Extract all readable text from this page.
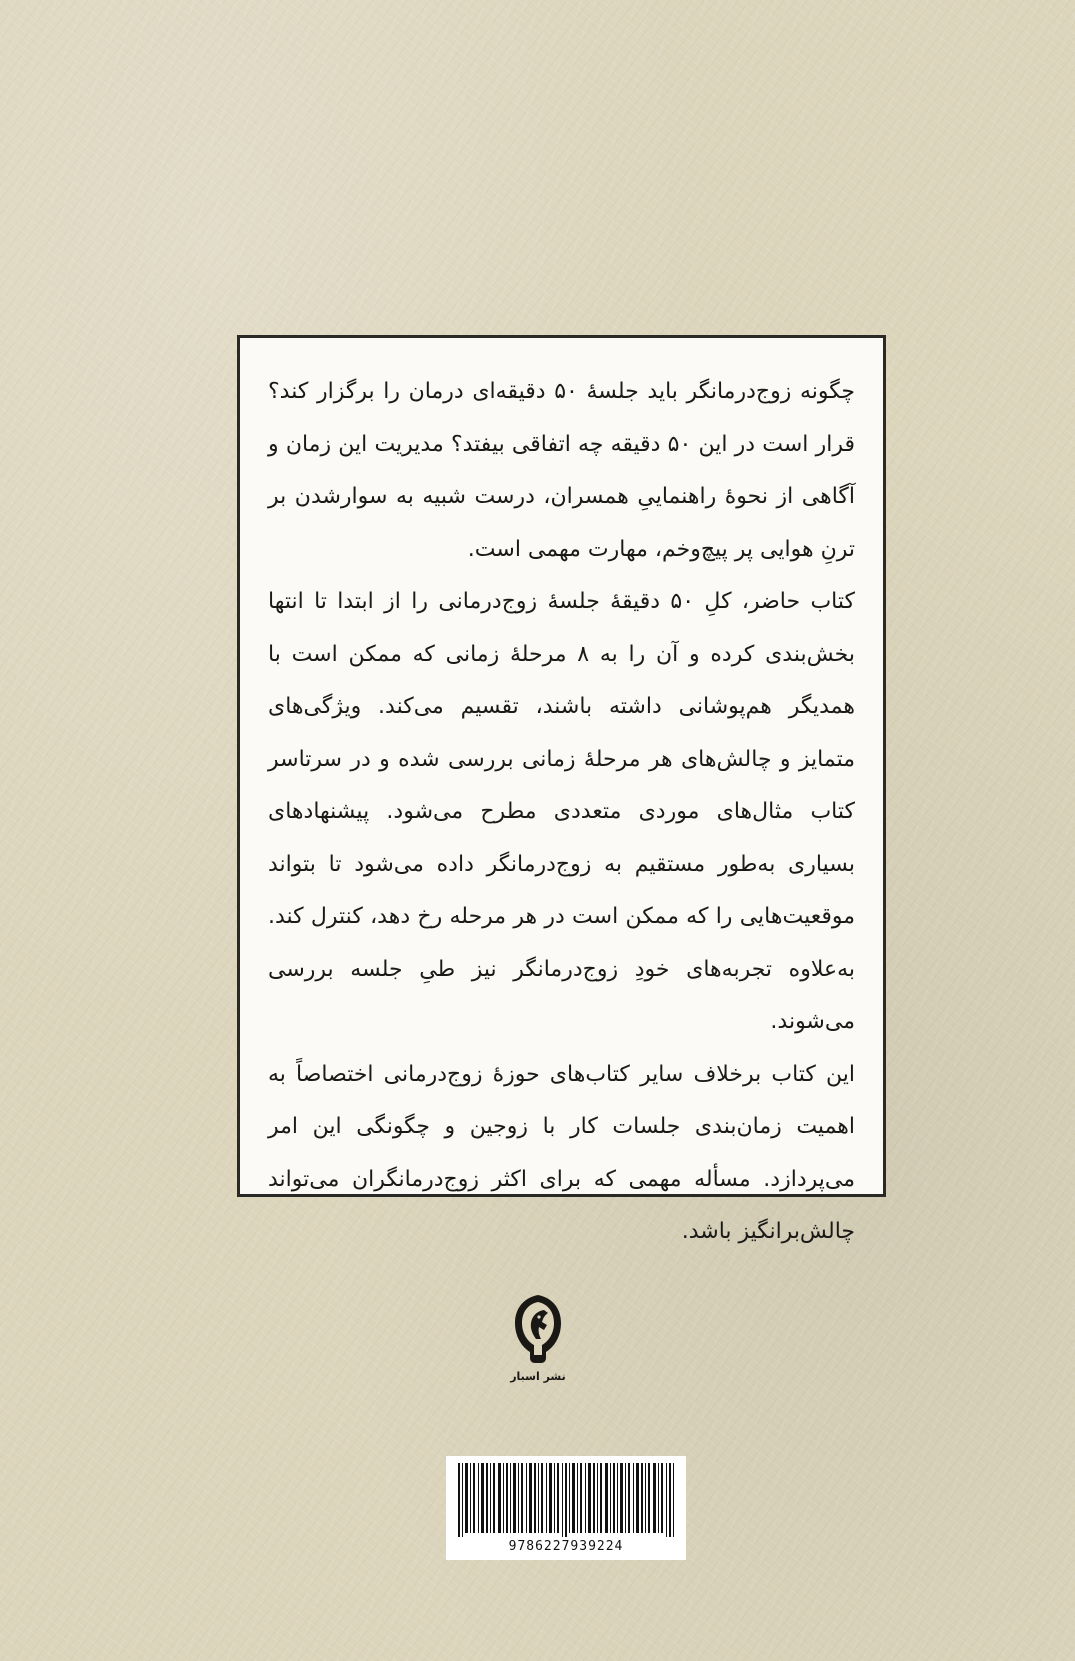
چگونه زوج‌درمانگر باید جلسهٔ ۵۰ دقیقه‌ای درمان را برگزار کند؟ قرار است در این ۵۰ دقیقه چه اتفاقی بیفتد؟ مدیریت این زمان و آگاهی از نحوهٔ راهنماییِ همسران، درست شبیه به سوارشدن بر ترنِ هوایی پر پیچ‌وخم، مهارت مهمی است.

کتاب حاضر، کلِ ۵۰ دقیقهٔ جلسهٔ زوج‌درمانی را از ابتدا تا انتها بخش‌بندی کرده و آن را به ۸ مرحلهٔ زمانی که ممکن است با همدیگر هم‌پوشانی داشته باشند، تقسیم می‌کند. ویژگی‌های متمایز و چالش‌های هر مرحلهٔ زمانی بررسی شده و در سرتاسر کتاب مثال‌های موردی متعددی مطرح می‌شود. پیشنهادهای بسیاری به‌طور مستقیم به زوج‌درمانگر داده می‌شود تا بتواند موقعیت‌هایی را که ممکن است در هر مرحله رخ دهد، کنترل کند. به‌علاوه تجربه‌های خودِ زوج‌درمانگر نیز طیِ جلسه بررسی می‌شوند.

این کتاب برخلاف سایر کتاب‌های حوزهٔ زوج‌درمانی اختصاصاً به اهمیت زمان‌بندی جلسات کار با زوجین و چگونگی این امر می‌پردازد. مسأله مهمی که برای اکثر زوج‌درمانگران می‌تواند چالش‌برانگیز باشد.

نشر اسبار
9786227939224
